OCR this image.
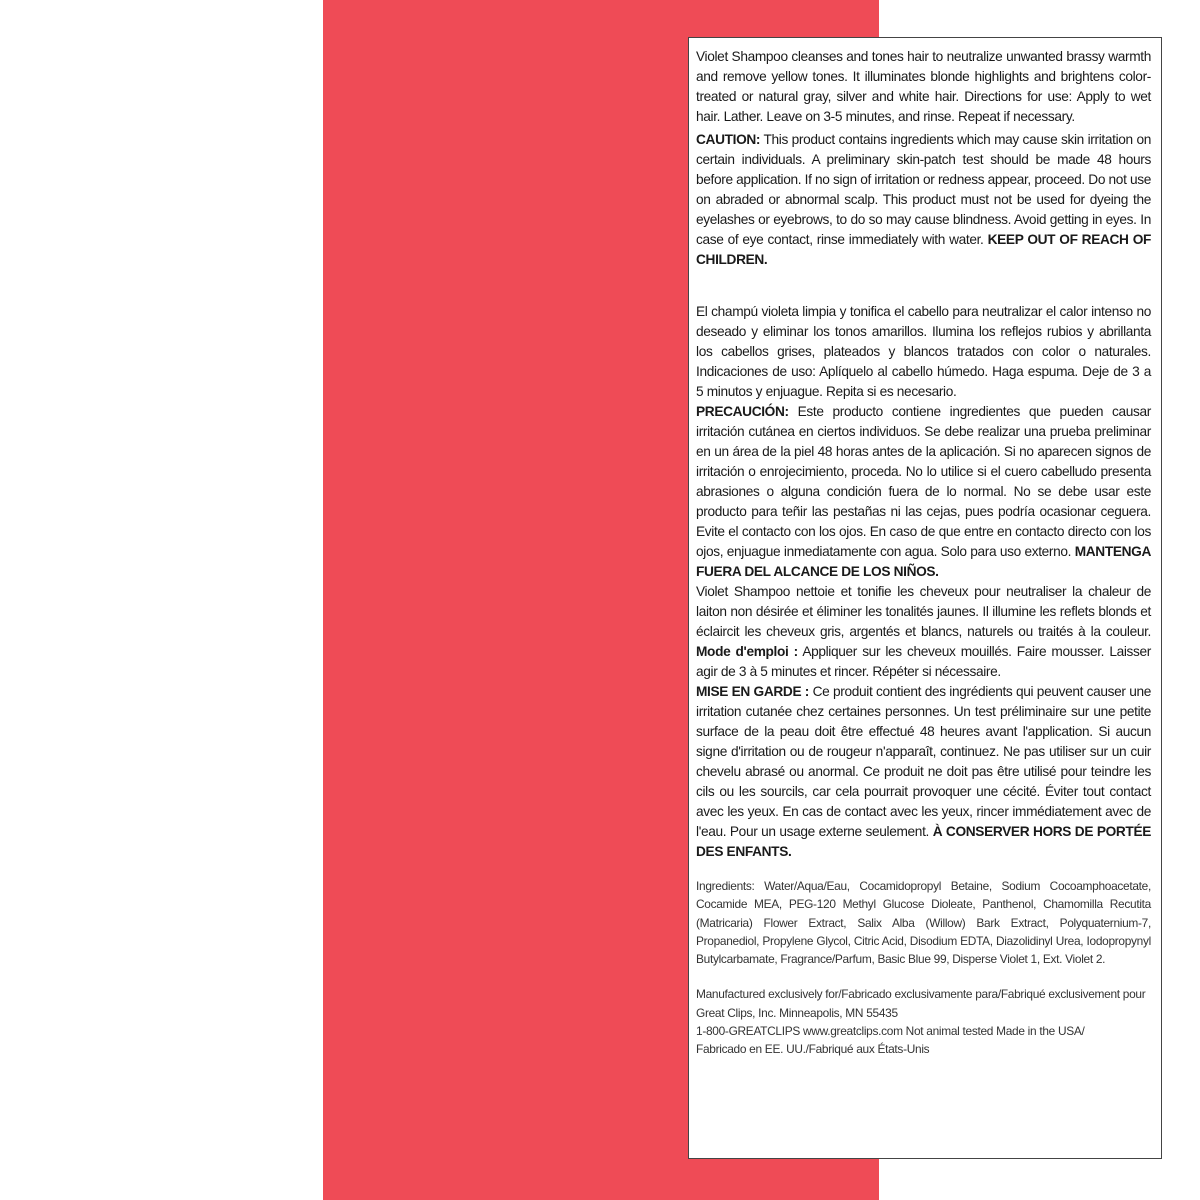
Violet Shampoo cleanses and tones hair to neutralize unwanted brassy warmth and remove yellow tones. It illuminates blonde highlights and brightens color-treated or natural gray, silver and white hair. Directions for use: Apply to wet hair. Lather. Leave on 3-5 minutes, and rinse. Repeat if necessary.

CAUTION: This product contains ingredients which may cause skin irritation on certain individuals. A preliminary skin-patch test should be made 48 hours before application. If no sign of irritation or redness appear, proceed. Do not use on abraded or abnormal scalp. This product must not be used for dyeing the eyelashes or eyebrows, to do so may cause blindness. Avoid getting in eyes. In case of eye contact, rinse immediately with water. KEEP OUT OF REACH OF CHILDREN.

El champú violeta limpia y tonifica el cabello para neutralizar el calor intenso no deseado y eliminar los tonos amarillos. Ilumina los reflejos rubios y abrillanta los cabellos grises, plateados y blancos tratados con color o naturales. Indicaciones de uso: Aplíquelo al cabello húmedo. Haga espuma. Deje de 3 a 5 minutos y enjuague. Repita si es necesario.

PRECAUCIÓN: Este producto contiene ingredientes que pueden causar irritación cutánea en ciertos individuos. Se debe realizar una prueba preliminar en un área de la piel 48 horas antes de la aplicación. Si no aparecen signos de irritación o enrojecimiento, proceda. No lo utilice si el cuero cabelludo presenta abrasiones o alguna condición fuera de lo normal. No se debe usar este producto para teñir las pestañas ni las cejas, pues podría ocasionar ceguera. Evite el contacto con los ojos. En caso de que entre en contacto directo con los ojos, enjuague inmediatamente con agua. Solo para uso externo. MANTENGA FUERA DEL ALCANCE DE LOS NIÑOS.

Violet Shampoo nettoie et tonifie les cheveux pour neutraliser la chaleur de laiton non désirée et éliminer les tonalités jaunes. Il illumine les reflets blonds et éclaircit les cheveux gris, argentés et blancs, naturels ou traités à la couleur. Mode d'emploi : Appliquer sur les cheveux mouillés. Faire mousser. Laisser agir de 3 à 5 minutes et rincer. Répéter si nécessaire.

MISE EN GARDE : Ce produit contient des ingrédients qui peuvent causer une irritation cutanée chez certaines personnes. Un test préliminaire sur une petite surface de la peau doit être effectué 48 heures avant l'application. Si aucun signe d'irritation ou de rougeur n'apparaît, continuez. Ne pas utiliser sur un cuir chevelu abrasé ou anormal. Ce produit ne doit pas être utilisé pour teindre les cils ou les sourcils, car cela pourrait provoquer une cécité. Éviter tout contact avec les yeux. En cas de contact avec les yeux, rincer immédiatement avec de l'eau. Pour un usage externe seulement. À CONSERVER HORS DE PORTÉE DES ENFANTS.

Ingredients: Water/Aqua/Eau, Cocamidopropyl Betaine, Sodium Cocoamphoacetate, Cocamide MEA, PEG-120 Methyl Glucose Dioleate, Panthenol, Chamomilla Recutita (Matricaria) Flower Extract, Salix Alba (Willow) Bark Extract, Polyquaternium-7, Propanediol, Propylene Glycol, Citric Acid, Disodium EDTA, Diazolidinyl Urea, Iodopropynyl Butylcarbamate, Fragrance/Parfum, Basic Blue 99, Disperse Violet 1, Ext. Violet 2.

Manufactured exclusively for/Fabricado exclusivamente para/Fabriqué exclusivement pour
Great Clips, Inc. Minneapolis, MN 55435
1-800-GREATCLIPS www.greatclips.com Not animal tested Made in the USA/
Fabricado en EE. UU./Fabriqué aux États-Unis
